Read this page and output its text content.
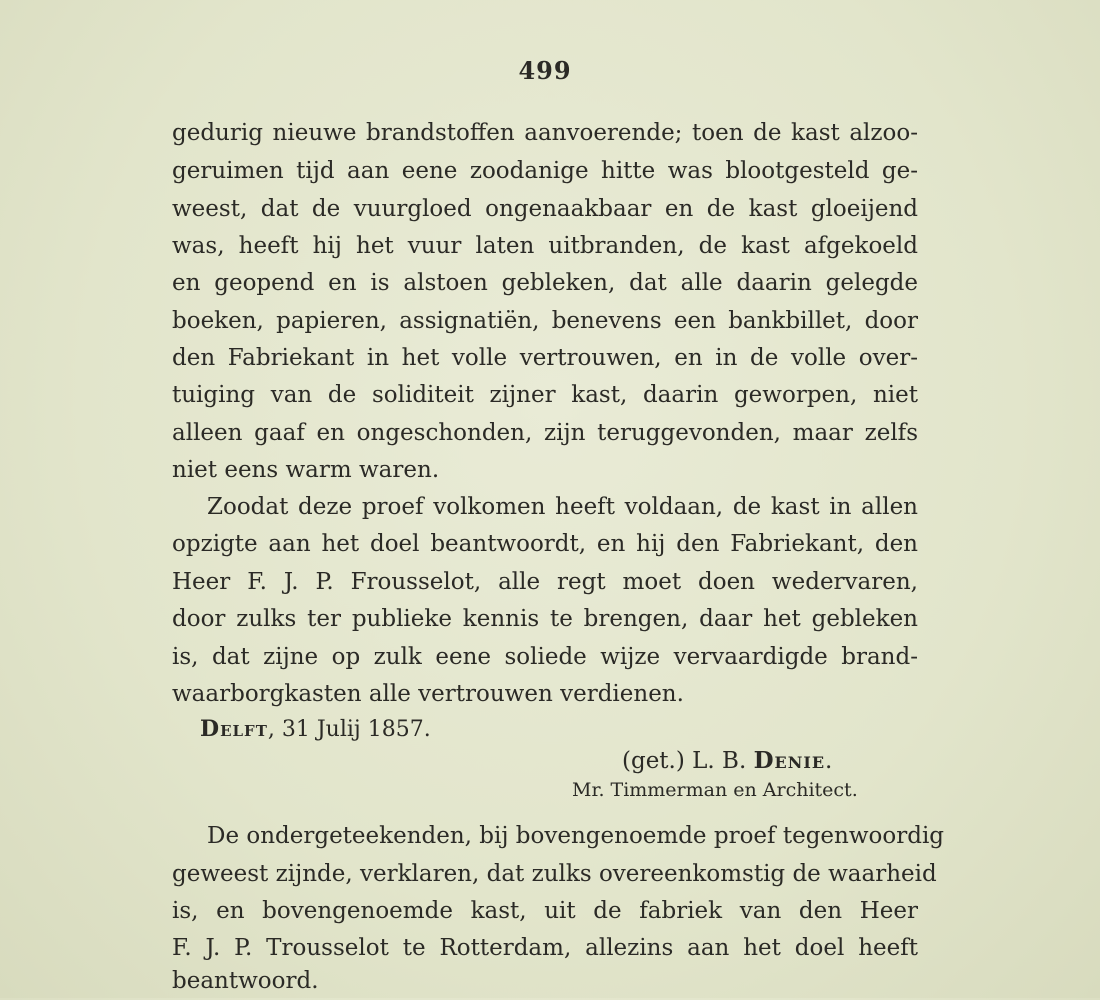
499
gedurig nieuwe brandstoffen aanvoerende; toen de kast alzoo-
geruimen tijd aan eene zoodanige hitte was blootgesteld ge-
weest, dat de vuurgloed ongenaakbaar en de kast gloeijend
was, heeft hij het vuur laten uitbranden, de kast afgekoeld
en geopend en is alstoen gebleken, dat alle daarin gelegde
boeken, papieren, assignatiën, benevens een bankbillet, door
den Fabriekant in het volle vertrouwen, en in de volle over-
tuiging van de soliditeit zijner kast, daarin geworpen, niet
alleen gaaf en ongeschonden, zijn teruggevonden, maar zelfs
niet eens warm waren.
Zoodat deze proef volkomen heeft voldaan, de kast in allen
opzigte aan het doel beantwoordt, en hij den Fabriekant, den
Heer F. J. P. Frousselot, alle regt moet doen wedervaren,
door zulks ter publieke kennis te brengen, daar het gebleken
is, dat zijne op zulk eene soliede wijze vervaardigde brand-
waarborgkasten alle vertrouwen verdienen.
Delft, 31 Julij 1857.
(get.) L. B. Denie.
Mr. Timmerman en Architect.
De ondergeteekenden, bij bovengenoemde proef tegenwoordig
geweest zijnde, verklaren, dat zulks overeenkomstig de waarheid
is, en bovengenoemde kast, uit de fabriek van den Heer
F. J. P. Trousselot te Rotterdam, allezins aan het doel heeft
beantwoord.
